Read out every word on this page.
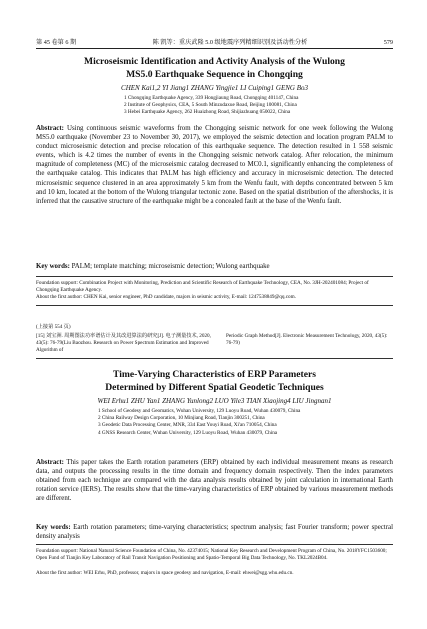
第 45 卷第 6 期	陈 凯等：重庆武隆 5.0 级地震序列精细识别及活动性分析	579
Microseismic Identification and Activity Analysis of the Wulong
MS5.0 Earthquake Sequence in Chongqing
CHEN Kai1,2 YI Jiang1 ZHANG Yingjie1 LI Cuiping1 GENG Bo3
1 Chongqing Earthquake Agency, 339 Hongjiaung Road, Chongqing 401147, China
2 Institute of Geophysics, CEA, 5 South Minzudaxue Road, Beijing 100081, China
3 Hebei Earthquake Agency, 262 Huaizhong Road, Shijiazhuang 050022, China
Abstract: Using continuous seismic waveforms from the Chongqing seismic network for one week following the Wulong MS5.0 earthquake (November 23 to November 30, 2017), we employed the seismic detection and location program PALM to conduct microseismic detection and precise relocation of this earthquake sequence. The detection resulted in 1 558 seismic events, which is 4.2 times the number of events in the Chongqing seismic network catalog. After relocation, the minimum magnitude of completeness (MC) of the microseismic catalog decreased to MC0.1, significantly enhancing the completeness of the earthquake catalog. This indicates that PALM has high efficiency and accuracy in microseismic detection. The detected microseismic sequence clustered in an area approximately 5 km from the Wenfu fault, with depths concentrated between 5 km and 10 km, located at the bottom of the Wulong triangular tectonic zone. Based on the spatial distribution of the aftershocks, it is inferred that the causative structure of the earthquake might be a concealed fault at the base of the Wenfu fault.
Key words: PALM; template matching; microseismic detection; Wulong earthquake
Foundation support: Combination Project with Monitoring, Prediction and Scientific Research of Earthquake Technology, CEA, No. 3JH-202401084; Project of Chongqing Earthquake Agency.
About the first author: CHEN Kai, senior engineer, PhD candidate, majors in seismic activity, E-mail: 1247538849@qq.com.
(上接第 554 页)
[15] 刘宝洲. 周期图法功率谱估计及其改进算法的研究[J]. 电子测量技术, 2020, 43(5): 76-79(Liu Baozhou. Research on Power Spectrum Estimation and Improved Algorithm of
Periodic Graph Method[J]. Electronic Measurement Technology, 2020, 43(5): 76-79)
Time-Varying Characteristics of ERP Parameters
Determined by Different Spatial Geodetic Techniques
WEI Erhu1 ZHU Yan1 ZHANG Yunlong2 LUO Yile3 TIAN Xiaojing4 LIU Jingnan1
1 School of Geodesy and Geomatics, Wuhan University, 129 Luoyu Road, Wuhan 430079, China
2 China Railway Design Corporation, 10 Minjiang Road, Tianjin 300251, China
3 Geodetic Data Processing Center, MNR, 334 East Youyi Road, Xi'an 710054, China
4 GNSS Research Center, Wuhan University, 129 Luoyu Road, Wuhan 430079, China
Abstract: This paper takes the Earth rotation parameters (ERP) obtained by each individual measurement means as research data, and outputs the processing results in the time domain and frequency domain respectively. Then the index parameters obtained from each technique are compared with the data analysis results obtained by joint calculation in international Earth rotation service (IERS). The results show that the time-varying characteristics of ERP obtained by various measurement methods are different.
Key words: Earth rotation parameters; time-varying characteristics; spectrum analysis; fast Fourier transform; power spectral density analysis
Foundation support: National Natural Science Foundation of China, No. 42374015; National Key Research and Development Program of China, No. 2018YFC1503600; Open Fund of Tianjin Key Laboratory of Rail Transit Navigation Positioning and Spatio-Temporal Big Data Technology, No. TKL2024B04.
About the first author: WEI Erhu, PhD, professor, majors in space geodesy and navigation, E-mail: ehwei@sgg.whu.edu.cn.
